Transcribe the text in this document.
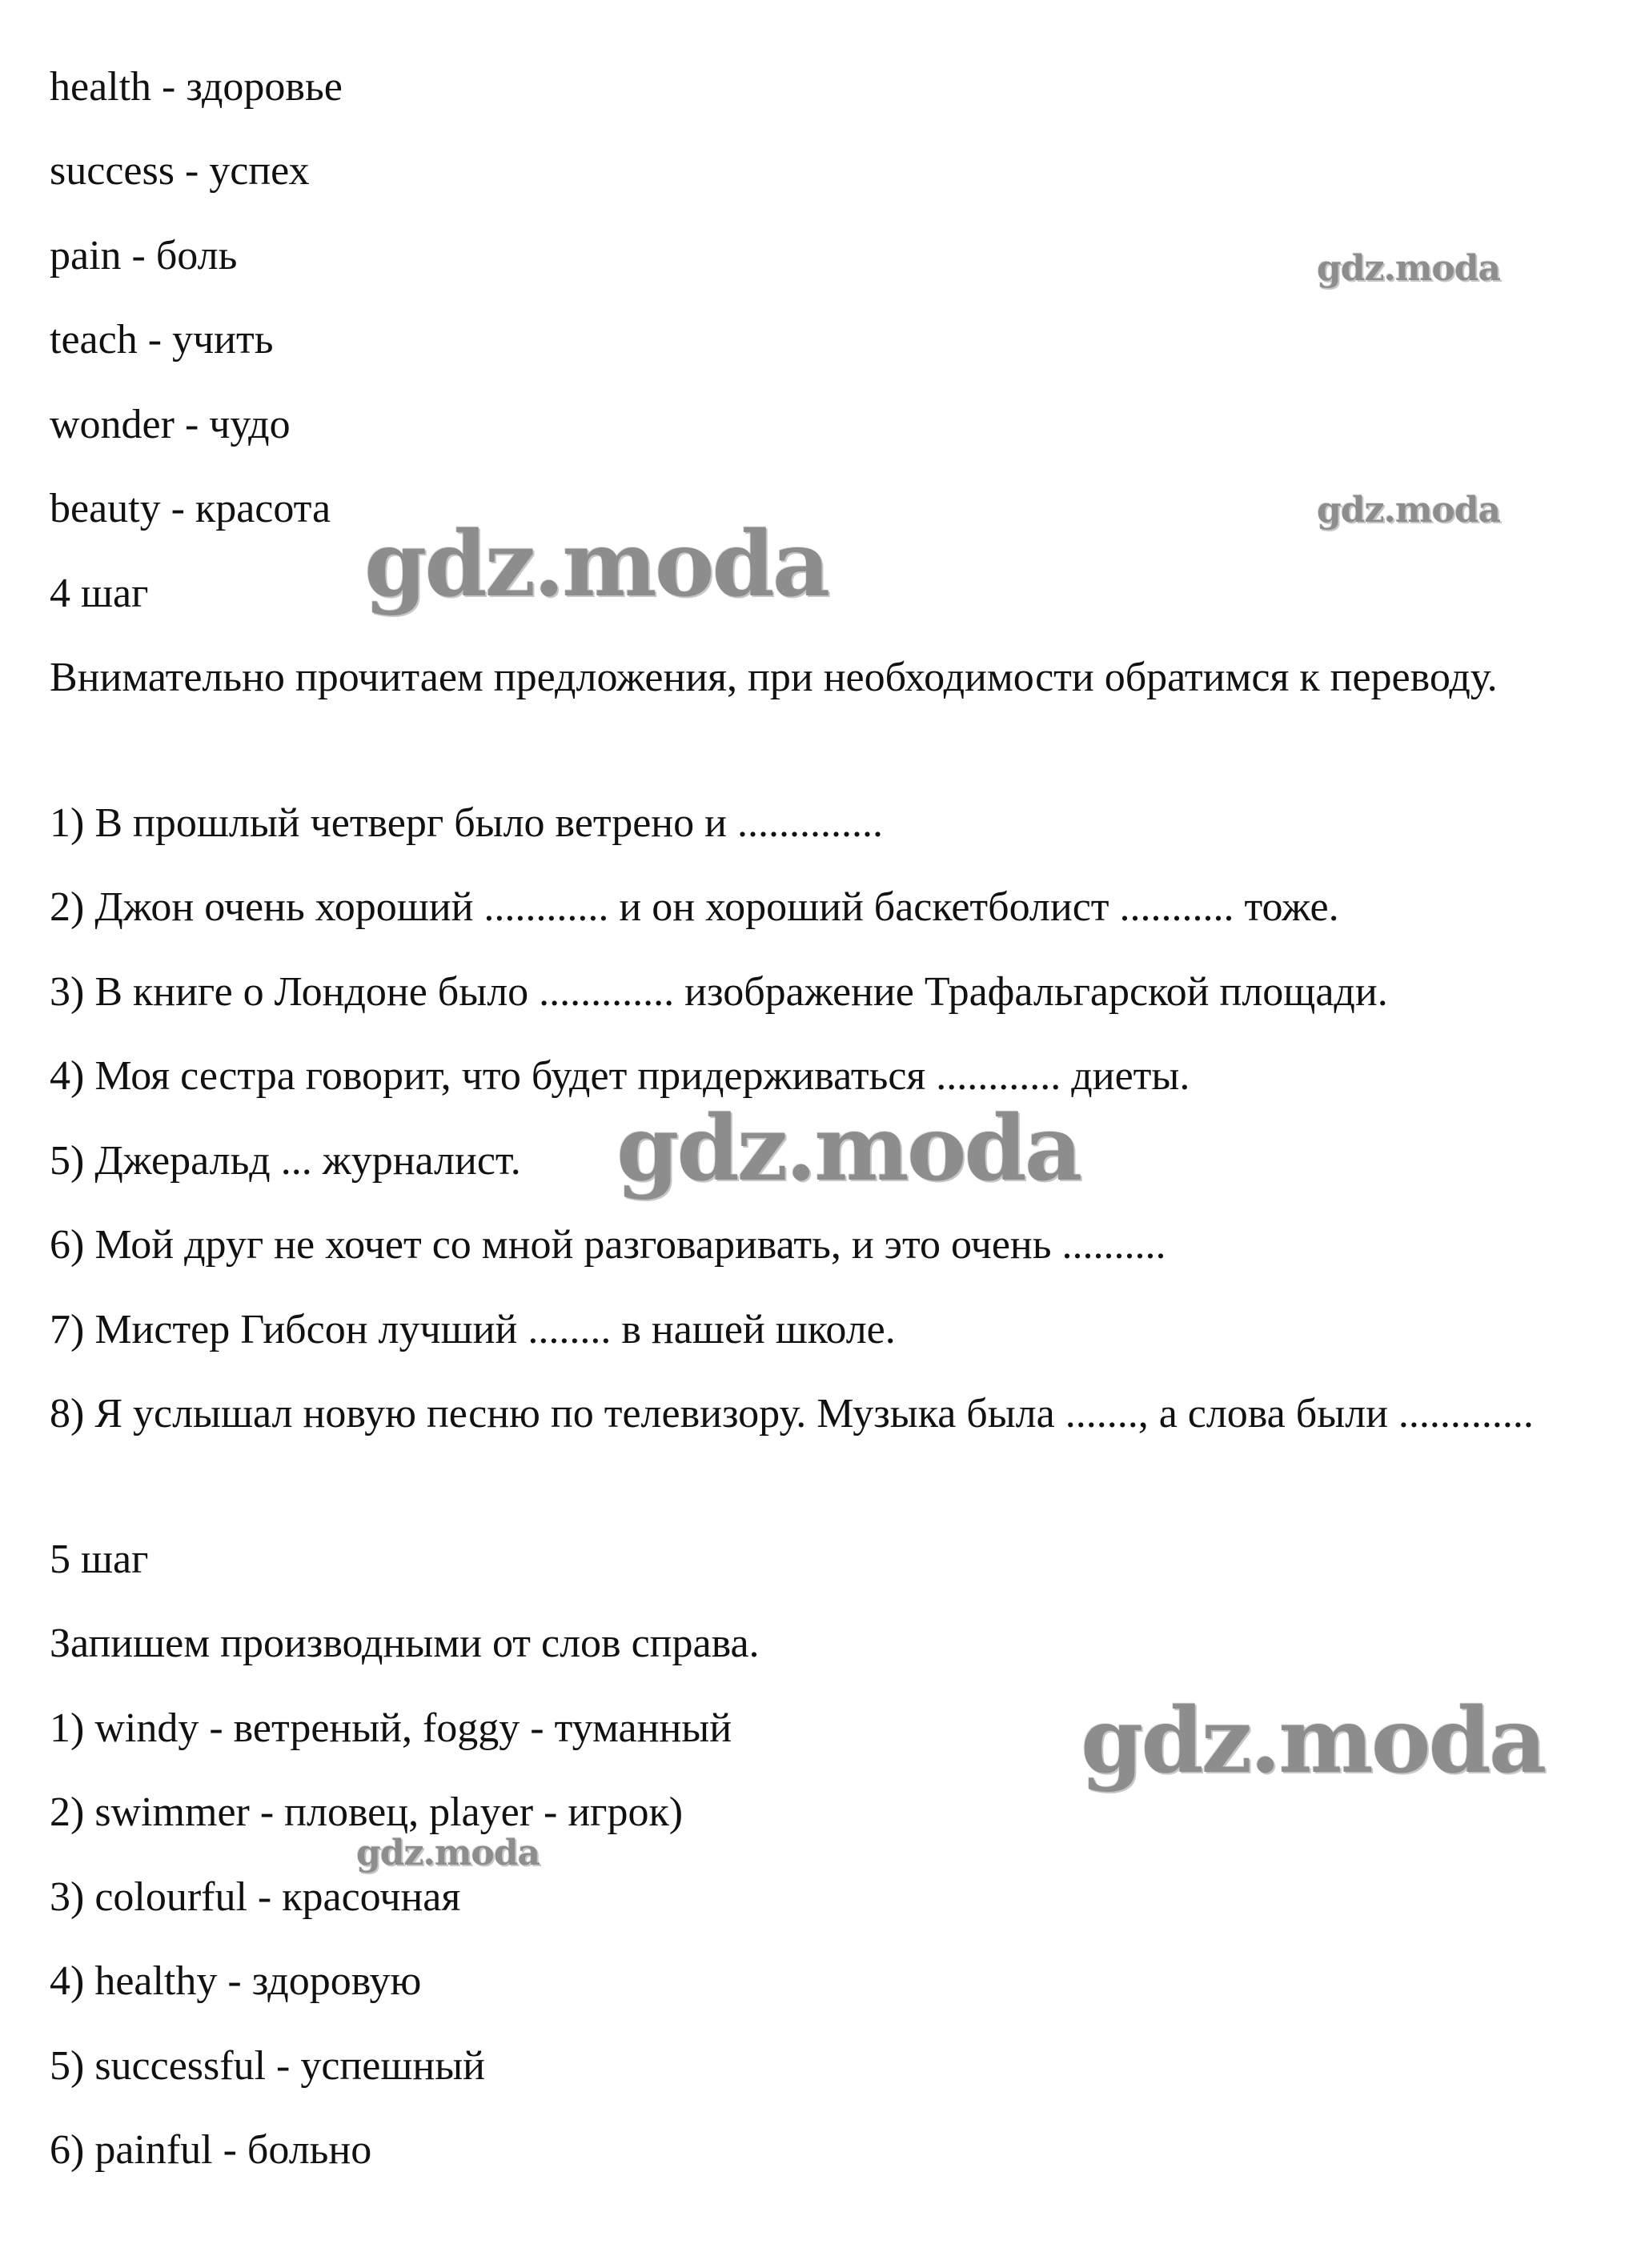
health - здоровье

success - успех

pain - боль

teach - учить

wonder - чудо

beauty - красота

4 шаг

Внимательно прочитаем предложения, при необходимости обратимся к переводу.

1) В прошлый четверг было ветрено и ..............

2) Джон очень хороший ............ и он хороший баскетболист ........... тоже.

3) В книге о Лондоне было ............. изображение Трафальгарской площади.

4) Моя сестра говорит, что будет придерживаться ............ диеты.

5) Джеральд ... журналист.

6) Мой друг не хочет со мной разговаривать, и это очень ..........

7) Мистер Гибсон лучший ........ в нашей школе.

8) Я услышал новую песню по телевизору. Музыка была ......., а слова были .............

5 шаг

Запишем производными от слов справа.

1) windy - ветреный, foggy - туманный

2) swimmer - пловец, player - игрок)

3) colourful - красочная

4) healthy - здоровую

5) successful - успешный

6) painful - больно

gdz.moda
gdz.moda
gdz.moda
gdz.moda
gdz.moda
gdz.moda
